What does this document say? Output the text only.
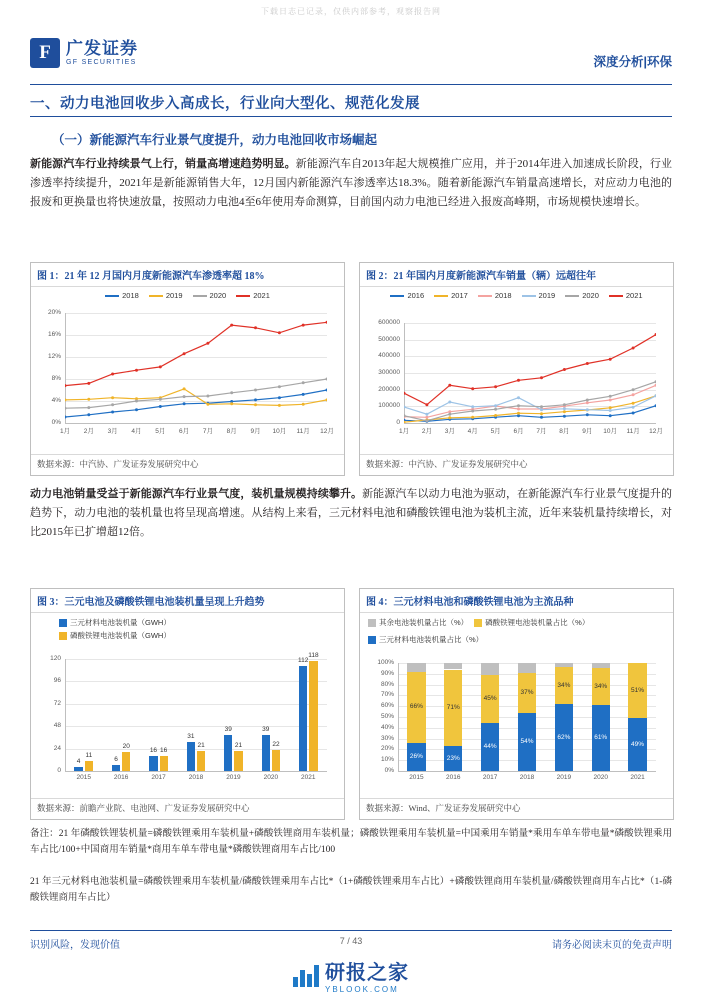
下载日志已记录，仅供内部参考，观察报告网
F 广发证券
GF SECURITIES	深度分析|环保
一、动力电池回收步入高成长，行业向大型化、规范化发展
（一）新能源汽车行业景气度提升，动力电池回收市场崛起
新能源汽车行业持续景气上行，销量高增速趋势明显。新能源汽车自2013年起大规模推广应用，并于2014年进入加速成长阶段，行业渗透率持续提升，2021年是新能源销售大年，12月国内新能源汽车渗透率达18.3%。随着新能源汽车销量高速增长，对应动力电池的报废和更换量也将快速放量，按照动力电池4至6年使用寿命测算，目前国内动力电池已经进入报废高峰期，市场规模快速增长。
图 1：21 年 12 月国内月度新能源汽车渗透率超 18%
2018	2019	2020	2021
0%
4%
8%
12%
16%
20%
1月	2月	3月	4月	5月	6月	7月	8月	9月	10月	11月	12月
数据来源：中汽协、广发证券发展研究中心
图 2：21 年国内月度新能源汽车销量（辆）远超往年
2016	2017	2018	2019	2020	2021
0
100000
200000
300000
400000
500000
600000
1月	2月	3月	4月	5月	6月	7月	8月	9月	10月	11月	12月
数据来源：中汽协、广发证券发展研究中心
动力电池销量受益于新能源汽车行业景气度，装机量规模持续攀升。新能源汽车以动力电池为驱动，在新能源汽车行业景气度提升的趋势下，动力电池的装机量也将呈现高增速。从结构上来看，三元材料电池和磷酸铁锂电池为装机主流，近年来装机量持续增长，对比2015年已扩增超12倍。
图 3：三元电池及磷酸铁锂电池装机量呈现上升趋势
三元材料电池装机量（GWH）
磷酸铁锂电池装机量（GWH）
0
24
48
72
96
120
4
11
6
20
16 16
31
21
39
21
39
22
112
118
2015	2016	2017	2018	2019	2020	2021
数据来源：前瞻产业院、电池网、广发证券发展研究中心
图 4：三元材料电池和磷酸铁锂电池为主流品种
其余电池装机量占比（%） 磷酸铁锂电池装机量占比（%）
三元材料电池装机量占比（%）
0%
10%
20%
30%
40%
50%
60%
70%
80%
90%
100%
26%
66%
23%
71%
44%
45%
54%
37%
62%
34%
61%
34%
49%
51%
2015	2016	2017	2018	2019	2020	2021
数据来源：Wind、广发证券发展研究中心
备注：21 年磷酸铁锂装机量=磷酸铁锂乘用车装机量+磷酸铁锂商用车装机量；磷酸铁锂乘用车装机量=中国乘用车销量*乘用车单车带电量*磷酸铁锂乘用车占比/100+中国商用车销量*商用车单车带电量*磷酸铁锂商用车占比/100
21 年三元材料电池装机量=磷酸铁锂乘用车装机量/磷酸铁锂乘用车占比*（1+磷酸铁锂乘用车占比）+磷酸铁锂商用车装机量/磷酸铁锂商用车占比*（1-磷酸铁锂商用车占比）
识别风险，发现价值	7 / 43	请务必阅读末页的免责声明
研报之家
YBLOOK.COM
